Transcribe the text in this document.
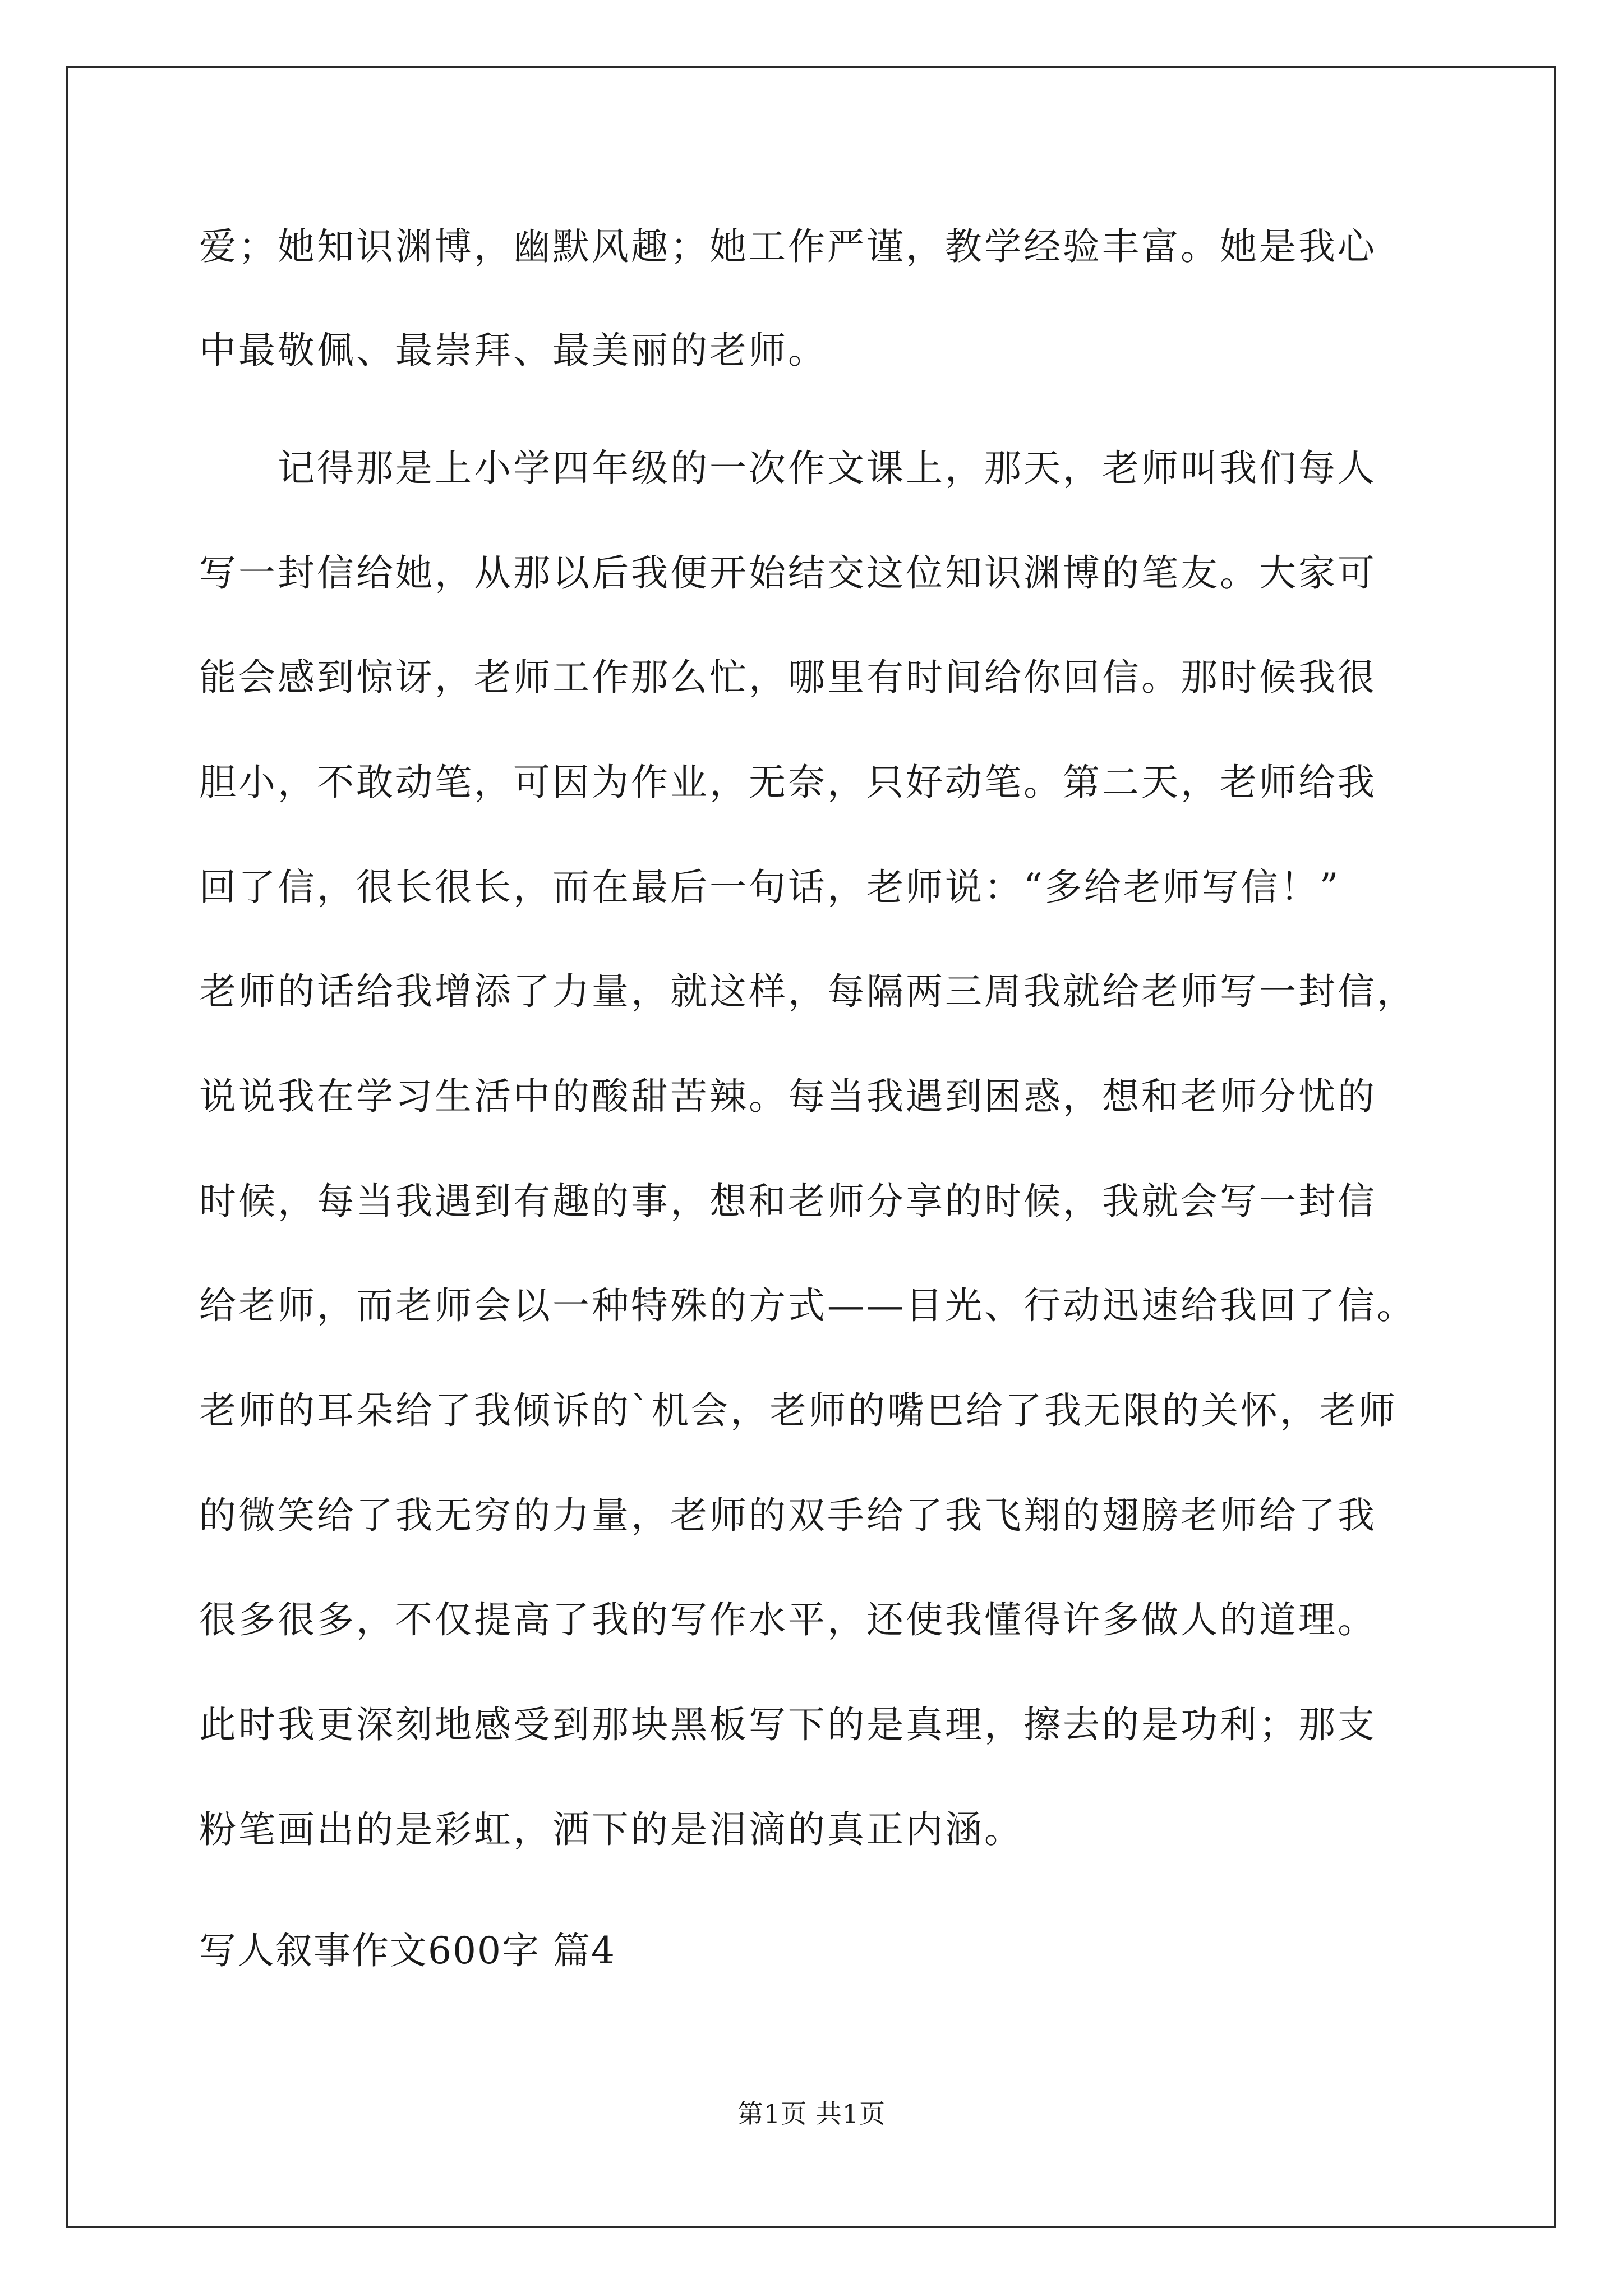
爱；她知识渊博，幽默风趣；她工作严谨，教学经验丰富。她是我心
中最敬佩、最崇拜、最美丽的老师。
记得那是上小学四年级的一次作文课上，那天，老师叫我们每人
写一封信给她，从那以后我便开始结交这位知识渊博的笔友。大家可
能会感到惊讶，老师工作那么忙，哪里有时间给你回信。那时候我很
胆小，不敢动笔，可因为作业，无奈，只好动笔。第二天，老师给我
回了信，很长很长，而在最后一句话，老师说：“多给老师写信！”
老师的话给我增添了力量，就这样，每隔两三周我就给老师写一封信，
说说我在学习生活中的酸甜苦辣。每当我遇到困惑，想和老师分忧的
时候，每当我遇到有趣的事，想和老师分享的时候，我就会写一封信
给老师，而老师会以一种特殊的方式——目光、行动迅速给我回了信。
老师的耳朵给了我倾诉的`机会，老师的嘴巴给了我无限的关怀，老师
的微笑给了我无穷的力量，老师的双手给了我飞翔的翅膀老师给了我
很多很多，不仅提高了我的写作水平，还使我懂得许多做人的道理。
此时我更深刻地感受到那块黑板写下的是真理，擦去的是功利；那支
粉笔画出的是彩虹，洒下的是泪滴的真正内涵。
写人叙事作文600字 篇4
第1页 共1页
